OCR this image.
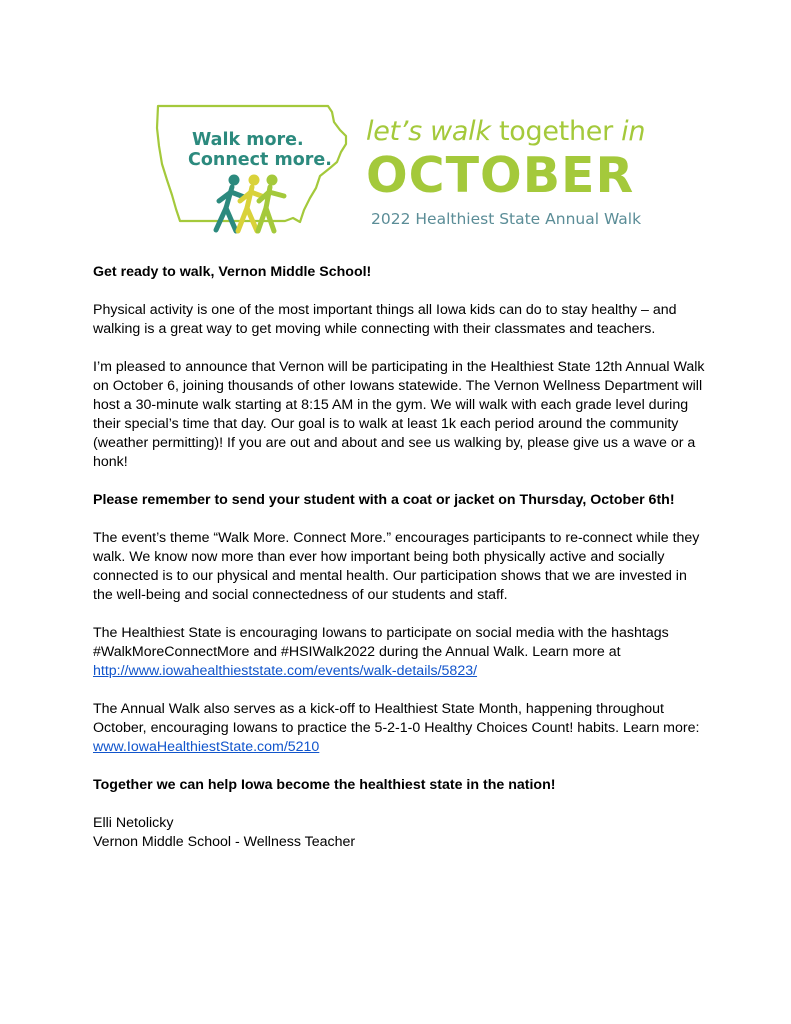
Walk more.
Connect more.
let’s walk together in
OCTOBER
2022 Healthiest State Annual Walk

Get ready to walk, Vernon Middle School!

Physical activity is one of the most important things all Iowa kids can do to stay healthy – and walking is a great way to get moving while connecting with their classmates and teachers.

I’m pleased to announce that Vernon will be participating in the Healthiest State 12th Annual Walk on October 6, joining thousands of other Iowans statewide. The Vernon Wellness Department will host a 30-minute walk starting at 8:15 AM in the gym. We will walk with each grade level during their special’s time that day. Our goal is to walk at least 1k each period around the community (weather permitting)! If you are out and about and see us walking by, please give us a wave or a honk!

Please remember to send your student with a coat or jacket on Thursday, October 6th!

The event’s theme “Walk More. Connect More.” encourages participants to re-connect while they walk. We know now more than ever how important being both physically active and socially connected is to our physical and mental health. Our participation shows that we are invested in the well-being and social connectedness of our students and staff.

The Healthiest State is encouraging Iowans to participate on social media with the hashtags #WalkMoreConnectMore and #HSIWalk2022 during the Annual Walk. Learn more at
http://www.iowahealthieststate.com/events/walk-details/5823/

The Annual Walk also serves as a kick-off to Healthiest State Month, happening throughout October, encouraging Iowans to practice the 5-2-1-0 Healthy Choices Count! habits. Learn more: www.IowaHealthiestState.com/5210

Together we can help Iowa become the healthiest state in the nation!

Elli Netolicky

Vernon Middle School - Wellness Teacher
